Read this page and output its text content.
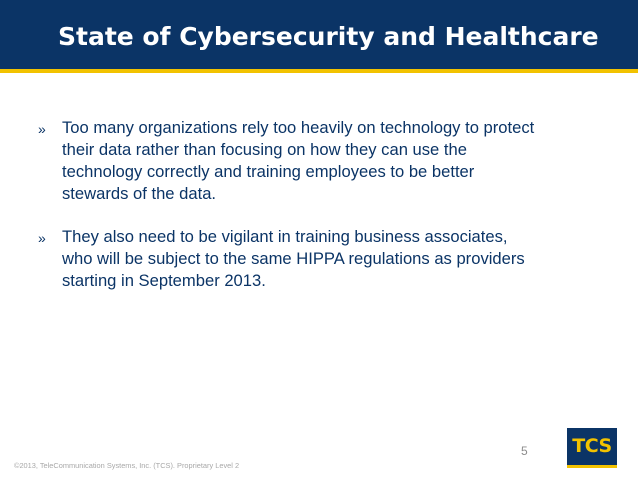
State of Cybersecurity and Healthcare
» Too many organizations rely too heavily on technology to protect their data rather than focusing on how they can use the technology correctly and training employees to be better stewards of the data.
» They also need to be vigilant in training business associates, who will be subject to the same HIPPA regulations as providers starting in September 2013.
5
©2013, TeleCommunication Systems, Inc. (TCS). Proprietary Level 2
TCS
